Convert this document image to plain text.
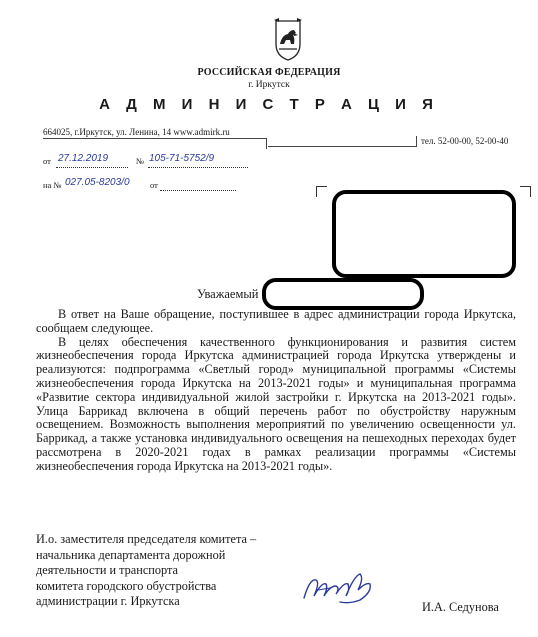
РОССИЙСКАЯ ФЕДЕРАЦИЯ
г. Иркутск
А Д М И Н И С Т Р А Ц И Я
664025, г.Иркутск, ул. Ленина, 14 www.admirk.ru
тел. 52-00-00, 52-00-40
от 27.12.2019	№ 105-71-5752/9
на № 027.05-8203/0 от
Уважаемый

В ответ на Ваше обращение, поступившее в адрес администрации города Иркутска, сообщаем следующее.

В целях обеспечения качественного функционирования и развития систем жизнеобеспечения города Иркутска администрацией города Иркутска утверждены и реализуются: подпрограмма «Светлый город» муниципальной программы «Системы жизнеобеспечения города Иркутска на 2013-2021 годы» и муниципальная программа «Развитие сектора индивидуальной жилой застройки г. Иркутска на 2013-2021 годы». Улица Баррикад включена в общий перечень работ по обустройству наружным освещением. Возможность выполнения мероприятий по увеличению освещенности ул. Баррикад, а также установка индивидуального освещения на пешеходных переходах будет рассмотрена в 2020-2021 годах в рамках реализации программы «Системы жизнеобеспечения города Иркутска на 2013-2021 годы».

И.о. заместителя председателя комитета –
начальника департамента дорожной
деятельности и транспорта
комитета городского обустройства
администрации г. Иркутска	И.А. Седунова
